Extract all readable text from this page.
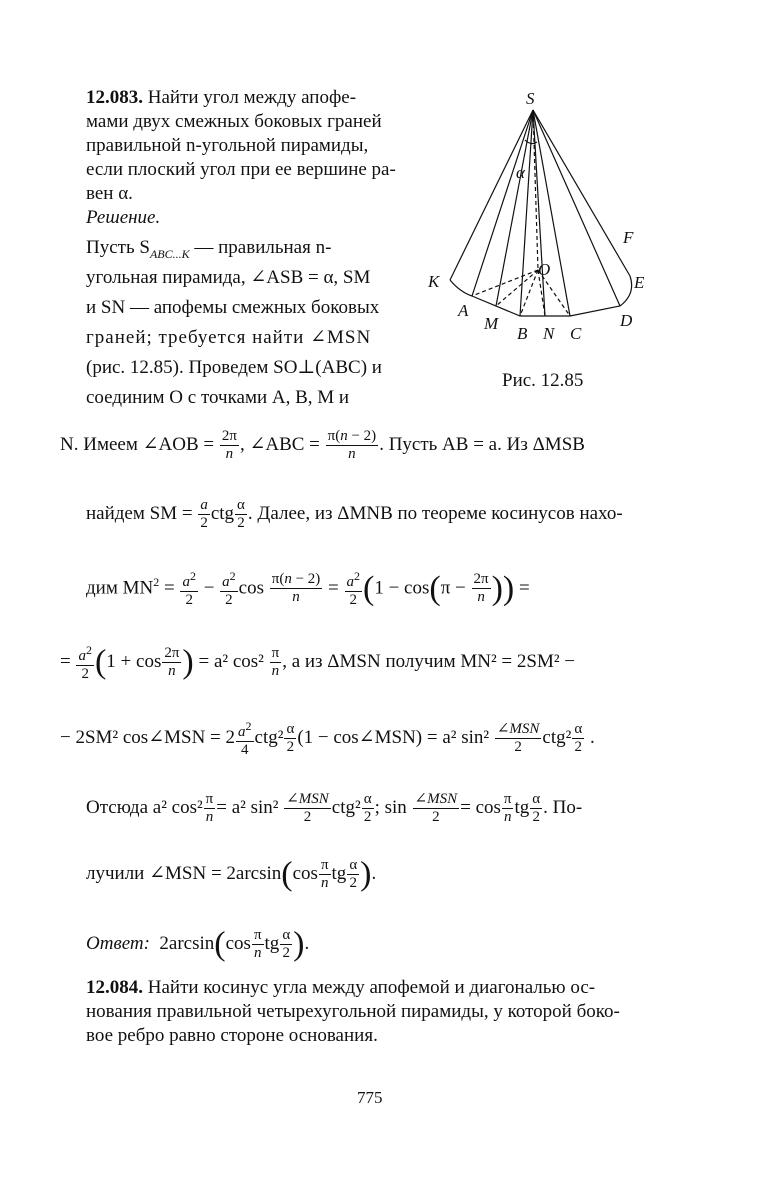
12.083. Найти угол между апофе-
мами двух смежных боковых граней
правильной n-угольной пирамиды,
если плоский угол при ее вершине ра-
вен α.
Решение.
Пусть $S_{ABC...K}$ — правильная n-
угольная пирамида, ∠ASB = α, SM
и SN — апофемы смежных боковых
граней; требуется найти ∠MSN
(рис. 12.85). Проведем SO⊥(ABC) и
соединим O с точками A, B, M и
N. Имеем ∠AOB = $\frac{2\pi}{n}$ , ∠ABC = $\frac{\pi(n - 2)}{n}$ . Пусть AB = a. Из ΔMSB
найдем SM = $\frac{a}{2}$ ctg $\frac{\alpha}{2}$ . Далее, из ΔMNB по теореме косинусов нахо-
дим $MN^2 = \frac{a^2}{2} - \frac{a^2}{2}$ $\cos \frac{\pi(n - 2)}{n} = \frac{a^2}{2} (1 - \cos(\pi - \frac{2\pi}{n}$ )) =
= $\frac{a^2}{2} (1 + \cos \frac{2\pi}{n}$ ) = a² $\cos^2 \frac{\pi}{n}$ , а из ΔMSN получим MN² = 2SM² −
− 2SM² cos∠MSN = $2 \frac{a^2}{4} ctg^2 \frac{\alpha}{2} (1$ − cos∠MSN) = a² $\sin^2 \frac{\text{∠MSN}}{2} ctg^2 \frac{\alpha}{2}$ .
Отсюда a² $\cos^2 \frac{\pi}{n} = a^2$ $\sin^2 \frac{\text{∠MSN}}{2} ctg^2 \frac{\alpha}{2}$ ; $\sin \frac{\text{∠MSN}}{2} = \cos \frac{\pi}{n}$ tg $\frac{\alpha}{2}$ . По-
лучили ∠MSN = $2\arcsin(\cos \frac{\pi}{n}$ tg $\frac{\alpha}{2}$ ).
Ответ: $2\arcsin(\cos \frac{\pi}{n}$ tg $\frac{\alpha}{2}$ ).
12.084. Найти косинус угла между апофемой и диагональю ос-
нования правильной четырехугольной пирамиды, у которой боко-
вое ребро равно стороне основания.
S
α
F
K
O
E
A
M	D
B N C
Рис. 12.85
775
